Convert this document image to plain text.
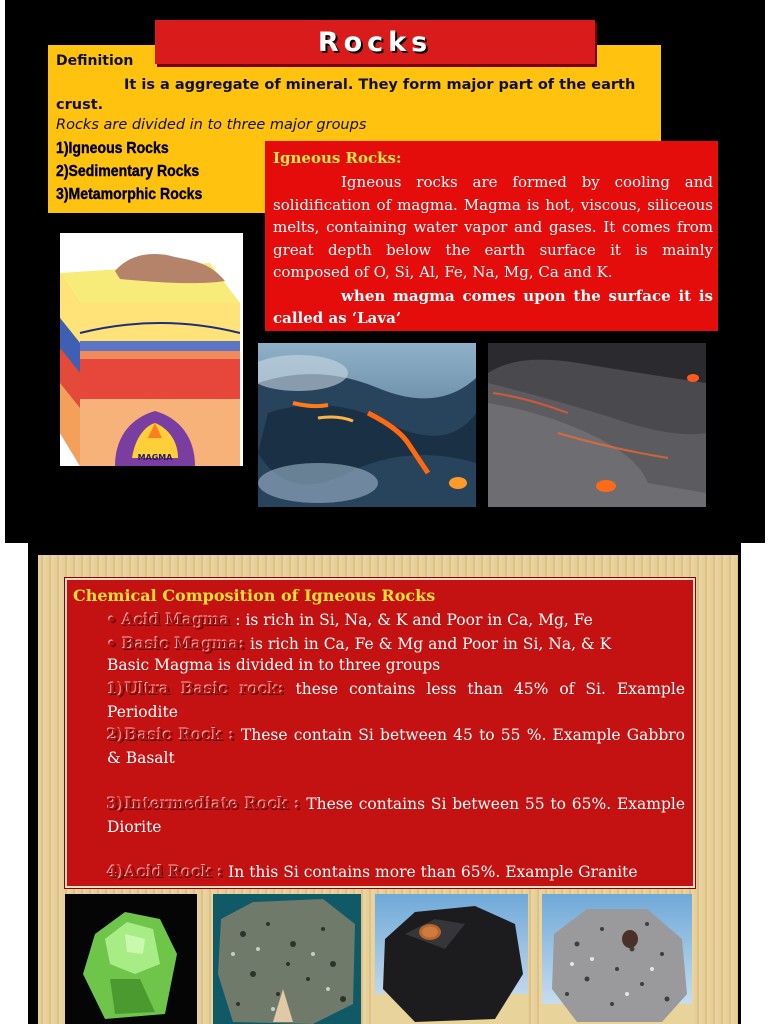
Definition
It is a aggregate of mineral. They form major part of the earth crust.
Rocks are divided in to three major groups
1)Igneous Rocks
2)Sedimentary Rocks
3)Metamorphic Rocks
Rocks
Igneous Rocks:
Igneous rocks are formed by cooling and solidification of magma. Magma is hot, viscous, siliceous melts, containing water vapor and gases. It comes from great depth below the earth surface it is mainly composed of O, Si, Al, Fe, Na, Mg, Ca and K.
when magma comes upon the surface it is called as ‘Lava’
MAGMA
Chemical Composition of Igneous Rocks
• Acid Magma : is rich in Si, Na, & K and Poor in Ca, Mg, Fe
• Basic Magma: is rich in Ca, Fe & Mg and Poor in Si, Na, & K
Basic Magma is divided in to three groups
1)Ultra Basic rock: these contains less than 45% of Si. Example Periodite
2)Basic Rock : These contain Si between 45 to 55 %. Example Gabbro & Basalt
3)Intermediate Rock : These contains Si between 55 to 65%. Example Diorite
4)Acid Rock : In this Si contains more than 65%. Example Granite
